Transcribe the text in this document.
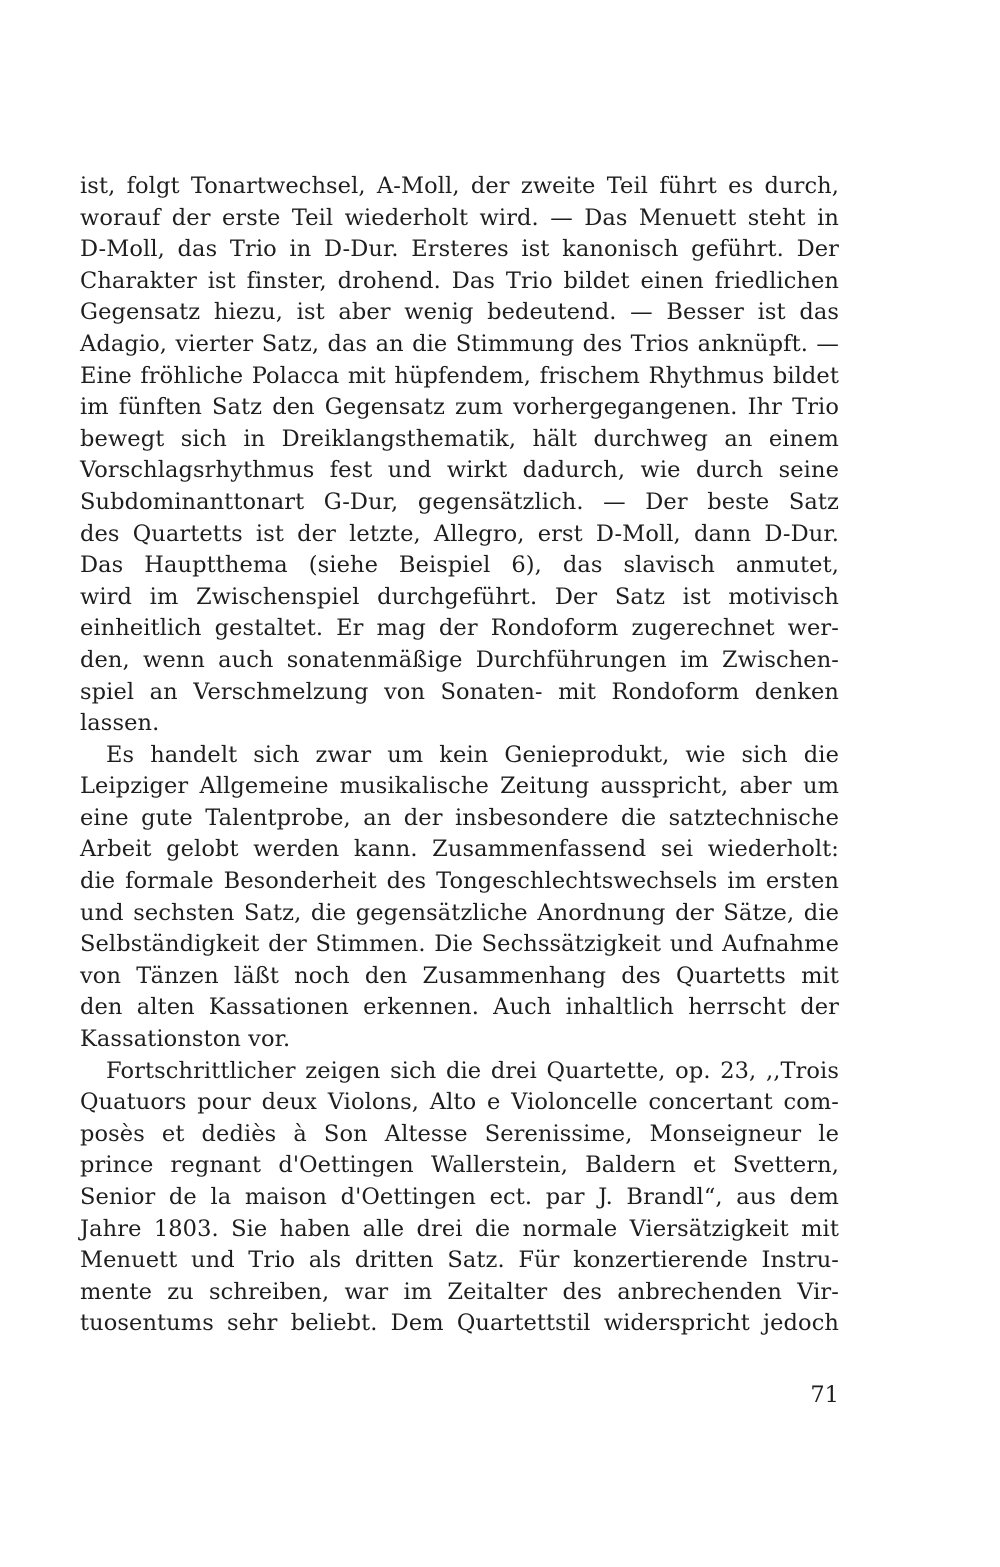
ist, folgt Tonartwechsel, A-Moll, der zweite Teil führt es durch,
worauf der erste Teil wiederholt wird. — Das Menuett steht in
D-Moll, das Trio in D-Dur. Ersteres ist kanonisch geführt. Der
Charakter ist finster, drohend. Das Trio bildet einen friedlichen
Gegensatz hiezu, ist aber wenig bedeutend. — Besser ist das
Adagio, vierter Satz, das an die Stimmung des Trios anknüpft. —
Eine fröhliche Polacca mit hüpfendem, frischem Rhythmus bildet
im fünften Satz den Gegensatz zum vorhergegangenen. Ihr Trio
bewegt sich in Dreiklangsthematik, hält durchweg an einem
Vorschlagsrhythmus fest und wirkt dadurch, wie durch seine
Subdominanttonart G-Dur, gegensätzlich. — Der beste Satz
des Quartetts ist der letzte, Allegro, erst D-Moll, dann D-Dur.
Das Hauptthema (siehe Beispiel 6), das slavisch anmutet,
wird im Zwischenspiel durchgeführt. Der Satz ist motivisch
einheitlich gestaltet. Er mag der Rondoform zugerechnet wer-
den, wenn auch sonatenmäßige Durchführungen im Zwischen-
spiel an Verschmelzung von Sonaten- mit Rondoform denken
lassen.
Es handelt sich zwar um kein Genieprodukt, wie sich die
Leipziger Allgemeine musikalische Zeitung ausspricht, aber um
eine gute Talentprobe, an der insbesondere die satztechnische
Arbeit gelobt werden kann. Zusammenfassend sei wiederholt:
die formale Besonderheit des Tongeschlechtswechsels im ersten
und sechsten Satz, die gegensätzliche Anordnung der Sätze, die
Selbständigkeit der Stimmen. Die Sechssätzigkeit und Aufnahme
von Tänzen läßt noch den Zusammenhang des Quartetts mit
den alten Kassationen erkennen. Auch inhaltlich herrscht der
Kassationston vor.
Fortschrittlicher zeigen sich die drei Quartette, op. 23, ,,Trois
Quatuors pour deux Violons, Alto e Violoncelle concertant com-
posès et dediès à Son Altesse Serenissime, Monseigneur le
prince regnant d'Oettingen Wallerstein, Baldern et Svettern,
Senior de la maison d'Oettingen ect. par J. Brandl“, aus dem
Jahre 1803. Sie haben alle drei die normale Viersätzigkeit mit
Menuett und Trio als dritten Satz. Für konzertierende Instru-
mente zu schreiben, war im Zeitalter des anbrechenden Vir-
tuosentums sehr beliebt. Dem Quartettstil widerspricht jedoch
71
